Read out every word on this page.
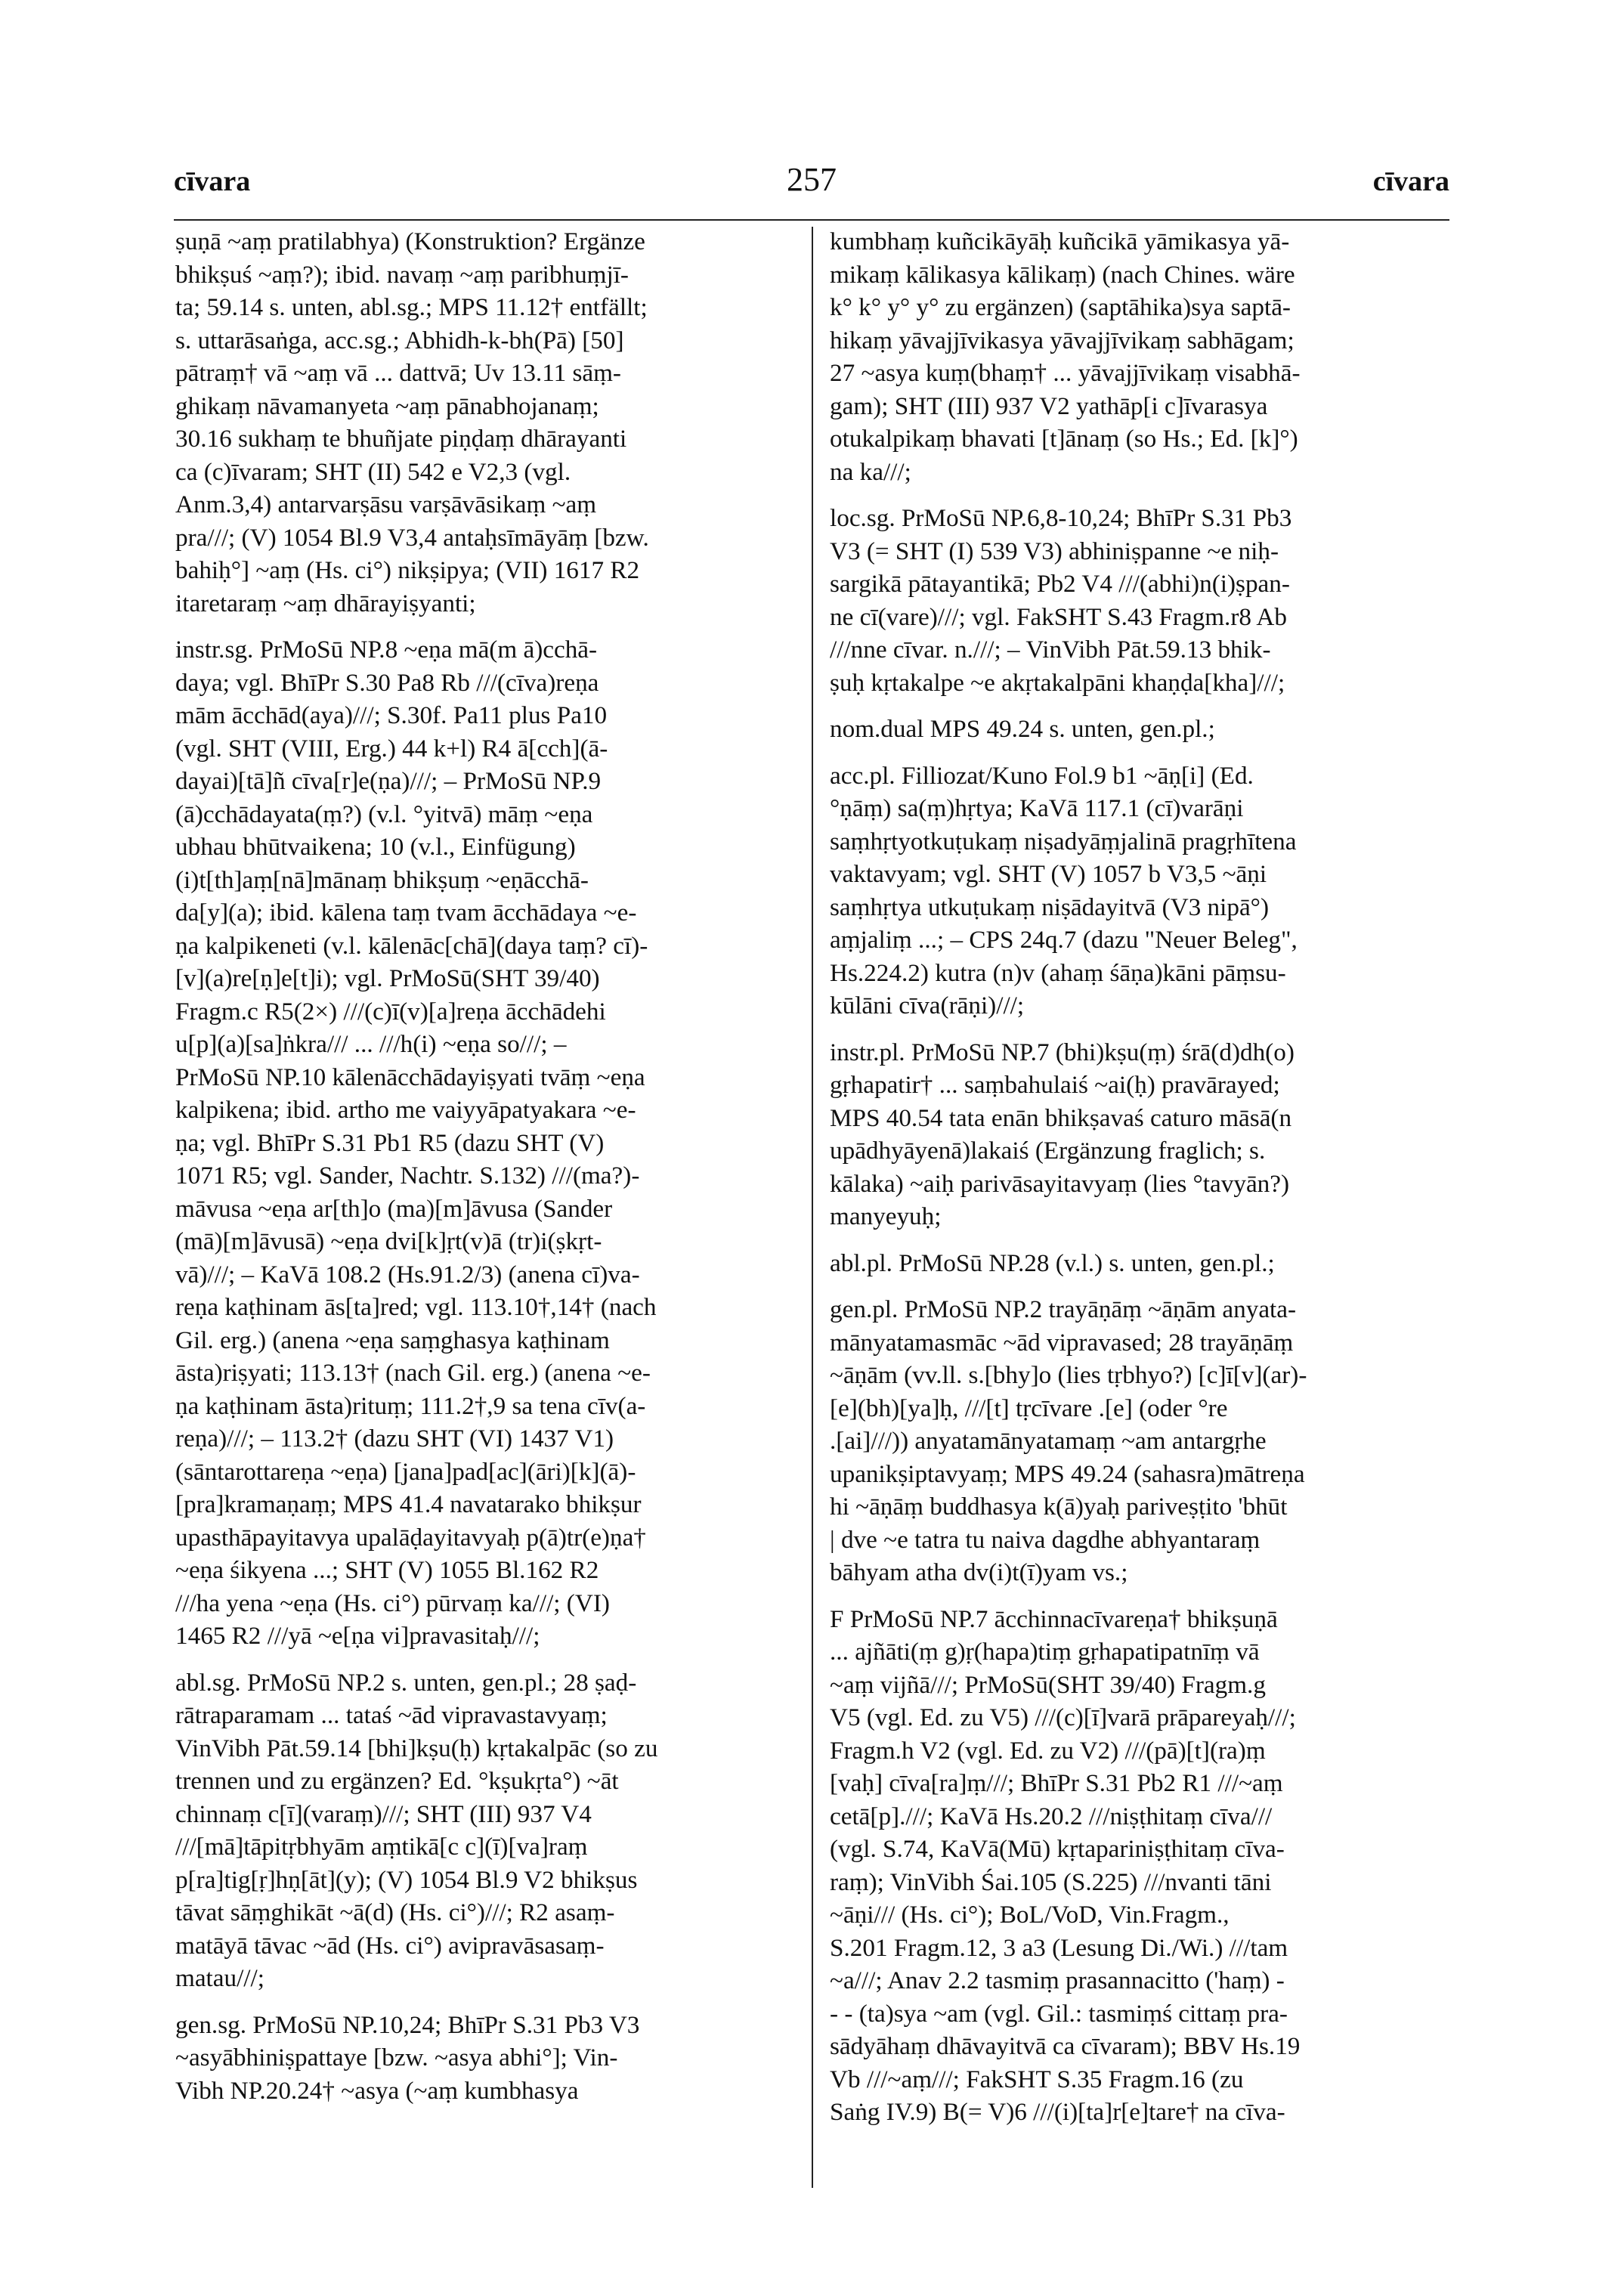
cīvara	257	cīvara
ṣuṇā ~aṃ pratilabhya) (Konstruktion? Ergänze
bhikṣuś ~aṃ?); ibid. navaṃ ~aṃ paribhuṃjī-
ta; 59.14 s. unten, abl.sg.; MPS 11.12† entfällt;
s. uttarāsaṅga, acc.sg.; Abhidh-k-bh(Pā) [50]
pātraṃ† vā ~aṃ vā ... dattvā; Uv 13.11 sāṃ-
ghikaṃ nāvamanyeta ~aṃ pānabhojanaṃ;
30.16 sukhaṃ te bhuñjate piṇḍaṃ dhārayanti
ca (c)īvaram; SHT (II) 542 e V2,3 (vgl.
Anm.3,4) antarvarṣāsu varṣāvāsikaṃ ~aṃ
pra///; (V) 1054 Bl.9 V3,4 antaḥsīmāyāṃ [bzw.
bahiḥ°] ~aṃ (Hs. ci°) nikṣipya; (VII) 1617 R2
itaretaraṃ ~aṃ dhārayiṣyanti;
instr.sg. PrMoSū NP.8 ~eṇa mā(m ā)cchā-
daya; vgl. BhīPr S.30 Pa8 Rb ///(cīva)reṇa
mām ācchād(aya)///; S.30f. Pa11 plus Pa10
(vgl. SHT (VIII, Erg.) 44 k+l) R4 ā[cch](ā-
dayai)[tā]ñ cīva[r]e(ṇa)///; – PrMoSū NP.9
(ā)cchādayata(ṃ?) (v.l. °yitvā) māṃ ~eṇa
ubhau bhūtvaikena; 10 (v.l., Einfügung)
(i)t[th]aṃ[nā]mānaṃ bhikṣuṃ ~eṇācchā-
da[y](a); ibid. kālena taṃ tvam ācchādaya ~e-
ṇa kalpikeneti (v.l. kālenāc[chā](daya taṃ? cī)-
[v](a)re[ṇ]e[t]i); vgl. PrMoSū(SHT 39/40)
Fragm.c R5(2×) ///(c)ī(v)[a]reṇa ācchādehi
u[p](a)[sa]ṅkra/// ... ///h(i) ~eṇa so///; –
PrMoSū NP.10 kālenācchādayiṣyati tvāṃ ~eṇa
kalpikena; ibid. artho me vaiyyāpatyakara ~e-
ṇa; vgl. BhīPr S.31 Pb1 R5 (dazu SHT (V)
1071 R5; vgl. Sander, Nachtr. S.132) ///(ma?)-
māvusa ~eṇa ar[th]o (ma)[m]āvusa (Sander
(mā)[m]āvusā) ~eṇa dvi[k]ṛt(v)ā (tr)i(ṣkṛt-
vā)///; – KaVā 108.2 (Hs.91.2/3) (anena cī)va-
reṇa kaṭhinam ās[ta]red; vgl. 113.10†,14† (nach
Gil. erg.) (anena ~eṇa saṃghasya kaṭhinam
āsta)riṣyati; 113.13† (nach Gil. erg.) (anena ~e-
ṇa kaṭhinam āsta)rituṃ; 111.2†,9 sa tena cīv(a-
reṇa)///; – 113.2† (dazu SHT (VI) 1437 V1)
(sāntarottareṇa ~eṇa) [jana]pad[ac](āri)[k](ā)-
[pra]kramaṇaṃ; MPS 41.4 navatarako bhikṣur
upasthāpayitavya upalāḍayitavyaḥ p(ā)tr(e)ṇa†
~eṇa śikyena ...; SHT (V) 1055 Bl.162 R2
///ha yena ~eṇa (Hs. ci°) pūrvaṃ ka///; (VI)
1465 R2 ///yā ~e[ṇa vi]pravasitaḥ///;
abl.sg. PrMoSū NP.2 s. unten, gen.pl.; 28 ṣaḍ-
rātraparamam ... tataś ~ād vipravastavyaṃ;
VinVibh Pāt.59.14 [bhi]kṣu(ḥ) kṛtakalpāc (so zu
trennen und zu ergänzen? Ed. °kṣukṛta°) ~āt
chinnaṃ c[ī](varaṃ)///; SHT (III) 937 V4
///[mā]tāpitṛbhyām aṃtikā[c c](ī)[va]raṃ
p[ra]tig[ṛ]hṇ[āt](y); (V) 1054 Bl.9 V2 bhikṣus
tāvat sāṃghikāt ~ā(d) (Hs. ci°)///; R2 asaṃ-
matāyā tāvac ~ād (Hs. ci°) avipravāsasaṃ-
matau///;
gen.sg. PrMoSū NP.10,24; BhīPr S.31 Pb3 V3
~asyābhiniṣpattaye [bzw. ~asya abhi°]; Vin-
Vibh NP.20.24† ~asya (~aṃ kumbhasya
kumbhaṃ kuñcikāyāḥ kuñcikā yāmikasya yā-
mikaṃ kālikasya kālikaṃ) (nach Chines. wäre
k° k° y° y° zu ergänzen) (saptāhika)sya saptā-
hikaṃ yāvajjīvikasya yāvajjīvikaṃ sabhāgam;
27 ~asya kuṃ(bhaṃ† ... yāvajjīvikaṃ visabhā-
gam); SHT (III) 937 V2 yathāp[i c]īvarasya
otukalpikaṃ bhavati [t]ānaṃ (so Hs.; Ed. [k]°)
na ka///;
loc.sg. PrMoSū NP.6,8-10,24; BhīPr S.31 Pb3
V3 (= SHT (I) 539 V3) abhiniṣpanne ~e niḥ-
sargikā pātayantikā; Pb2 V4 ///(abhi)n(i)ṣpan-
ne cī(vare)///; vgl. FakSHT S.43 Fragm.r8 Ab
///nne cīvar. n.///; – VinVibh Pāt.59.13 bhik-
ṣuḥ kṛtakalpe ~e akṛtakalpāni khaṇḍa[kha]///;
nom.dual MPS 49.24 s. unten, gen.pl.;
acc.pl. Filliozat/Kuno Fol.9 b1 ~āṇ[i] (Ed.
°ṇāṃ) sa(ṃ)hṛtya; KaVā 117.1 (cī)varāṇi
saṃhṛtyotkuṭukaṃ niṣadyāṃjalinā pragṛhītena
vaktavyam; vgl. SHT (V) 1057 b V3,5 ~āṇi
saṃhṛtya utkuṭukaṃ niṣādayitvā (V3 nipā°)
aṃjaliṃ ...; – CPS 24q.7 (dazu "Neuer Beleg",
Hs.224.2) kutra (n)v (ahaṃ śāṇa)kāni pāṃsu-
kūlāni cīva(rāṇi)///;
instr.pl. PrMoSū NP.7 (bhi)kṣu(ṃ) śrā(d)dh(o)
gṛhapatir† ... saṃbahulaiś ~ai(ḥ) pravārayed;
MPS 40.54 tata enān bhikṣavaś caturo māsā(n
upādhyāyenā)lakaiś (Ergänzung fraglich; s.
kālaka) ~aiḥ parivāsayitavyaṃ (lies °tavyān?)
manyeyuḥ;
abl.pl. PrMoSū NP.28 (v.l.) s. unten, gen.pl.;
gen.pl. PrMoSū NP.2 trayāṇāṃ ~āṇām anyata-
mānyatamasmāc ~ād vipravased; 28 trayāṇāṃ
~āṇām (vv.ll. s.[bhy]o (lies tṛbhyo?) [c]ī[v](ar)-
[e](bh)[ya]ḥ, ///[t] tṛcīvare .[e] (oder °re
.[ai]///)) anyatamānyatamaṃ ~am antargṛhe
upanikṣiptavyaṃ; MPS 49.24 (sahasra)mātreṇa
hi ~āṇāṃ buddhasya k(ā)yaḥ pariveṣṭito 'bhūt
| dve ~e tatra tu naiva dagdhe abhyantaraṃ
bāhyam atha dv(i)t(ī)yam vs.;
F PrMoSū NP.7 ācchinnacīvareṇa† bhikṣuṇā
... ajñāti(ṃ g)ṛ(hapa)tiṃ gṛhapatipatnīṃ vā
~aṃ vijñā///; PrMoSū(SHT 39/40) Fragm.g
V5 (vgl. Ed. zu V5) ///(c)[ī]varā prāpareyaḥ///;
Fragm.h V2 (vgl. Ed. zu V2) ///(pā)[t](ra)ṃ
[vaḥ] cīva[ra]ṃ///; BhīPr S.31 Pb2 R1 ///~aṃ
cetā[p].///; KaVā Hs.20.2 ///niṣṭhitaṃ cīva///
(vgl. S.74, KaVā(Mū) kṛtapariniṣṭhitaṃ cīva-
raṃ); VinVibh Śai.105 (S.225) ///nvanti tāni
~āṇi/// (Hs. ci°); BoL/VoD, Vin.Fragm.,
S.201 Fragm.12, 3 a3 (Lesung Di./Wi.) ///tam
~a///; Anav 2.2 tasmiṃ prasannacitto ('haṃ) -
- - (ta)sya ~am (vgl. Gil.: tasmiṃś cittaṃ pra-
sādyāhaṃ dhāvayitvā ca cīvaram); BBV Hs.19
Vb ///~aṃ///; FakSHT S.35 Fragm.16 (zu
Saṅg IV.9) B(= V)6 ///(i)[ta]r[e]tare† na cīva-
